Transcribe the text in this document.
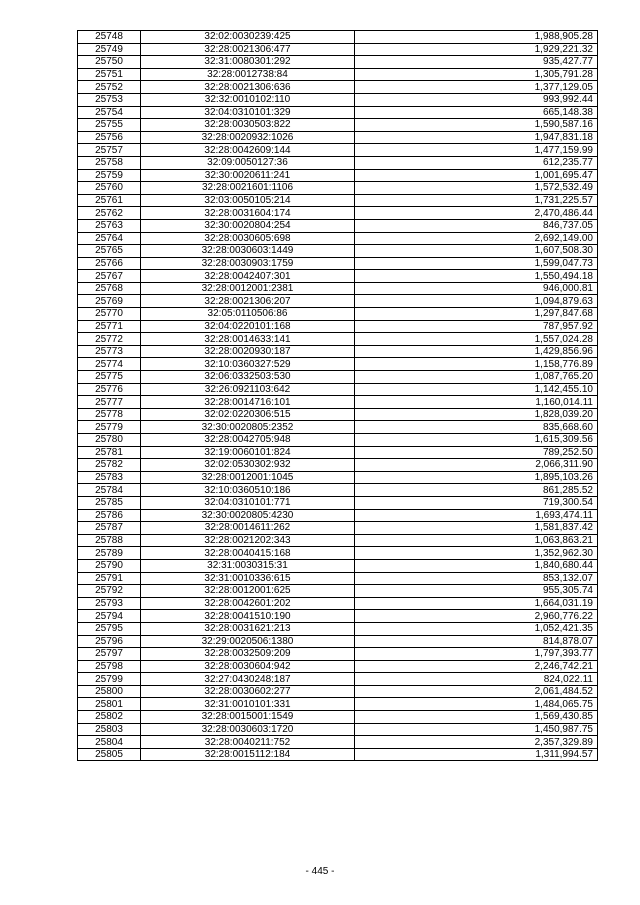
25748	32:02:0030239:425	1,988,905.28
25749	32:28:0021306:477	1,929,221.32
25750	32:31:0080301:292	935,427.77
25751	32:28:0012738:84	1,305,791.28
25752	32:28:0021306:636	1,377,129.05
25753	32:32:0010102:110	993,992.44
25754	32:04:0310101:329	665,148.38
25755	32:28:0030503:822	1,590,587.16
25756	32:28:0020932:1026	1,947,831.18
25757	32:28:0042609:144	1,477,159.99
25758	32:09:0050127:36	612,235.77
25759	32:30:0020611:241	1,001,695.47
25760	32:28:0021601:1106	1,572,532.49
25761	32:03:0050105:214	1,731,225.57
25762	32:28:0031604:174	2,470,486.44
25763	32:30:0020804:254	846,737.05
25764	32:28:0030605:698	2,692,149.00
25765	32:28:0030603:1449	1,607,508.30
25766	32:28:0030903:1759	1,599,047.73
25767	32:28:0042407:301	1,550,494.18
25768	32:28:0012001:2381	946,000.81
25769	32:28:0021306:207	1,094,879.63
25770	32:05:0110506:86	1,297,847.68
25771	32:04:0220101:168	787,957.92
25772	32:28:0014633:141	1,557,024.28
25773	32:28:0020930:187	1,429,856.96
25774	32:10:0360327:529	1,158,776.89
25775	32:06:0332503:530	1,087,765.20
25776	32:26:0921103:642	1,142,455.10
25777	32:28:0014716:101	1,160,014.11
25778	32:02:0220306:515	1,828,039.20
25779	32:30:0020805:2352	835,668.60
25780	32:28:0042705:948	1,615,309.56
25781	32:19:0060101:824	789,252.50
25782	32:02:0530302:932	2,066,311.90
25783	32:28:0012001:1045	1,895,103.26
25784	32:10:0360510:186	861,285.52
25785	32:04:0310101:771	719,300.54
25786	32:30:0020805:4230	1,693,474.11
25787	32:28:0014611:262	1,581,837.42
25788	32:28:0021202:343	1,063,863.21
25789	32:28:0040415:168	1,352,962.30
25790	32:31:0030315:31	1,840,680.44
25791	32:31:0010336:615	853,132.07
25792	32:28:0012001:625	955,305.74
25793	32:28:0042601:202	1,664,031.19
25794	32:28:0041510:190	2,960,776.22
25795	32:28:0031621:213	1,052,421.35
25796	32:29:0020506:1380	814,878.07
25797	32:28:0032509:209	1,797,393.77
25798	32:28:0030604:942	2,246,742.21
25799	32:27:0430248:187	824,022.11
25800	32:28:0030602:277	2,061,484.52
25801	32:31:0010101:331	1,484,065.75
25802	32:28:0015001:1549	1,569,430.85
25803	32:28:0030603:1720	1,450,987.75
25804	32:28:0040211:752	2,357,329.89
25805	32:28:0015112:184	1,311,994.57
- 445 -
